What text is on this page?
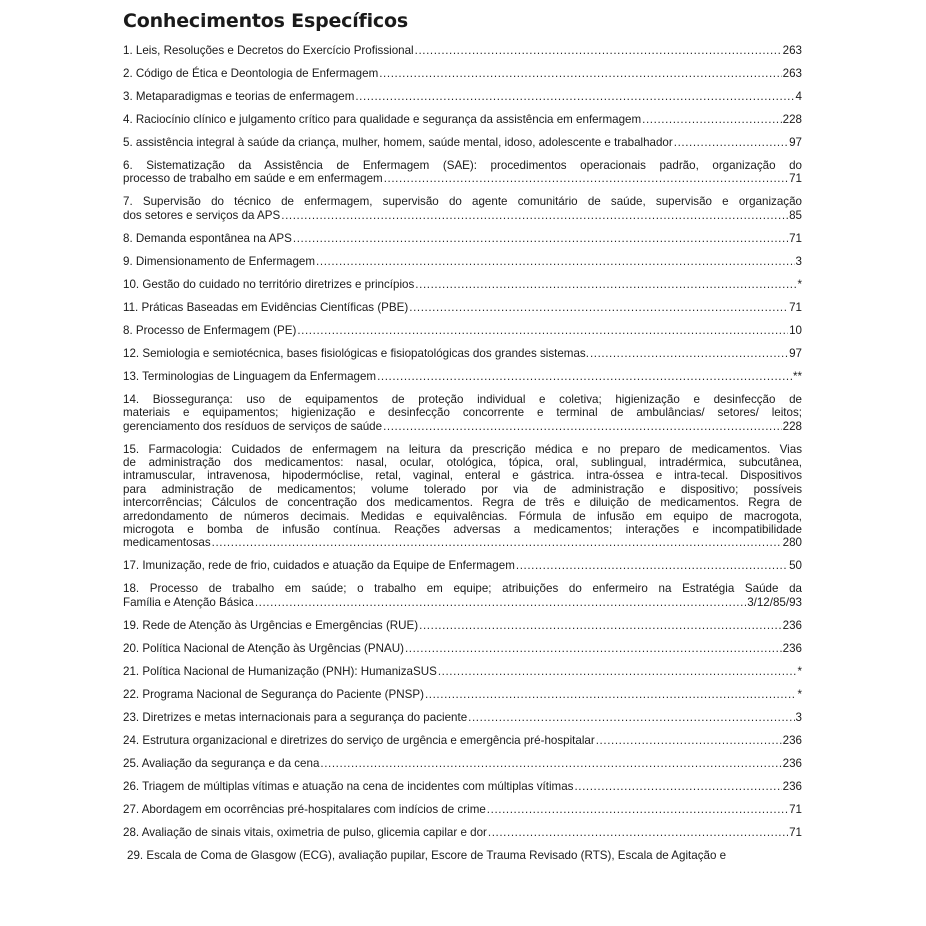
Conhecimentos Específicos
1. Leis, Resoluções e Decretos do Exercício Profissional .....	263
2. Código de Ética e Deontologia de Enfermagem .....	263
3. Metaparadigmas e teorias de enfermagem .....	4
4. Raciocínio clínico e julgamento crítico para qualidade e segurança da assistência em enfermagem .....	228
5. assistência integral à saúde da criança, mulher, homem, saúde mental, idoso, adolescente e trabalhador .....	97
6. Sistematização da Assistência de Enfermagem (SAE): procedimentos operacionais padrão, organização do
processo de trabalho em saúde e em enfermagem .....	71
7. Supervisão do técnico de enfermagem, supervisão do agente comunitário de saúde, supervisão e organização
dos setores e serviços da APS .....	85
8. Demanda espontânea na APS .....	71
9. Dimensionamento de Enfermagem .....	3
10. Gestão do cuidado no território diretrizes e princípios .....	*
11. Práticas Baseadas em Evidências Científicas (PBE) .....	71
8. Processo de Enfermagem (PE) .....	10
12. Semiologia e semiotécnica, bases fisiológicas e fisiopatológicas dos grandes sistemas. .....	97
13. Terminologias de Linguagem da Enfermagem .....	**
14. Biossegurança: uso de equipamentos de proteção individual e coletiva; higienização e desinfecção de
materiais e equipamentos; higienização e desinfecção concorrente e terminal de ambulâncias/ setores/ leitos;
gerenciamento dos resíduos de serviços de saúde .....	228
15. Farmacologia: Cuidados de enfermagem na leitura da prescrição médica e no preparo de medicamentos. Vias
de administração dos medicamentos: nasal, ocular, otológica, tópica, oral, sublingual, intradérmica, subcutânea,
intramuscular, intravenosa, hipodermóclise, retal, vaginal, enteral e gástrica. intra-óssea e intra-tecal. Dispositivos
para administração de medicamentos; volume tolerado por via de administração e dispositivo; possíveis
intercorrências; Cálculos de concentração dos medicamentos. Regra de três e diluição de medicamentos. Regra de
arredondamento de números decimais. Medidas e equivalências. Fórmula de infusão em equipo de macrogota,
microgota e bomba de infusão contínua. Reações adversas a medicamentos; interações e incompatibilidade
medicamentosas .....	280
17. Imunização, rede de frio, cuidados e atuação da Equipe de Enfermagem .....	50
18. Processo de trabalho em saúde; o trabalho em equipe; atribuições do enfermeiro na Estratégia Saúde da
Família e Atenção Básica .....	3/12/85/93
19. Rede de Atenção às Urgências e Emergências (RUE) .....	236
20. Política Nacional de Atenção às Urgências (PNAU) .....	236
21. Política Nacional de Humanização (PNH): HumanizaSUS .....	*
22. Programa Nacional de Segurança do Paciente (PNSP) .....	*
23. Diretrizes e metas internacionais para a segurança do paciente .....	3
24. Estrutura organizacional e diretrizes do serviço de urgência e emergência pré-hospitalar .....	236
25. Avaliação da segurança e da cena .....	236
26. Triagem de múltiplas vítimas e atuação na cena de incidentes com múltiplas vítimas .....	236
27. Abordagem em ocorrências pré-hospitalares com indícios de crime .....	71
28. Avaliação de sinais vitais, oximetria de pulso, glicemia capilar e dor .....	71
29. Escala de Coma de Glasgow (ECG), avaliação pupilar, Escore de Trauma Revisado (RTS), Escala de Agitação e
